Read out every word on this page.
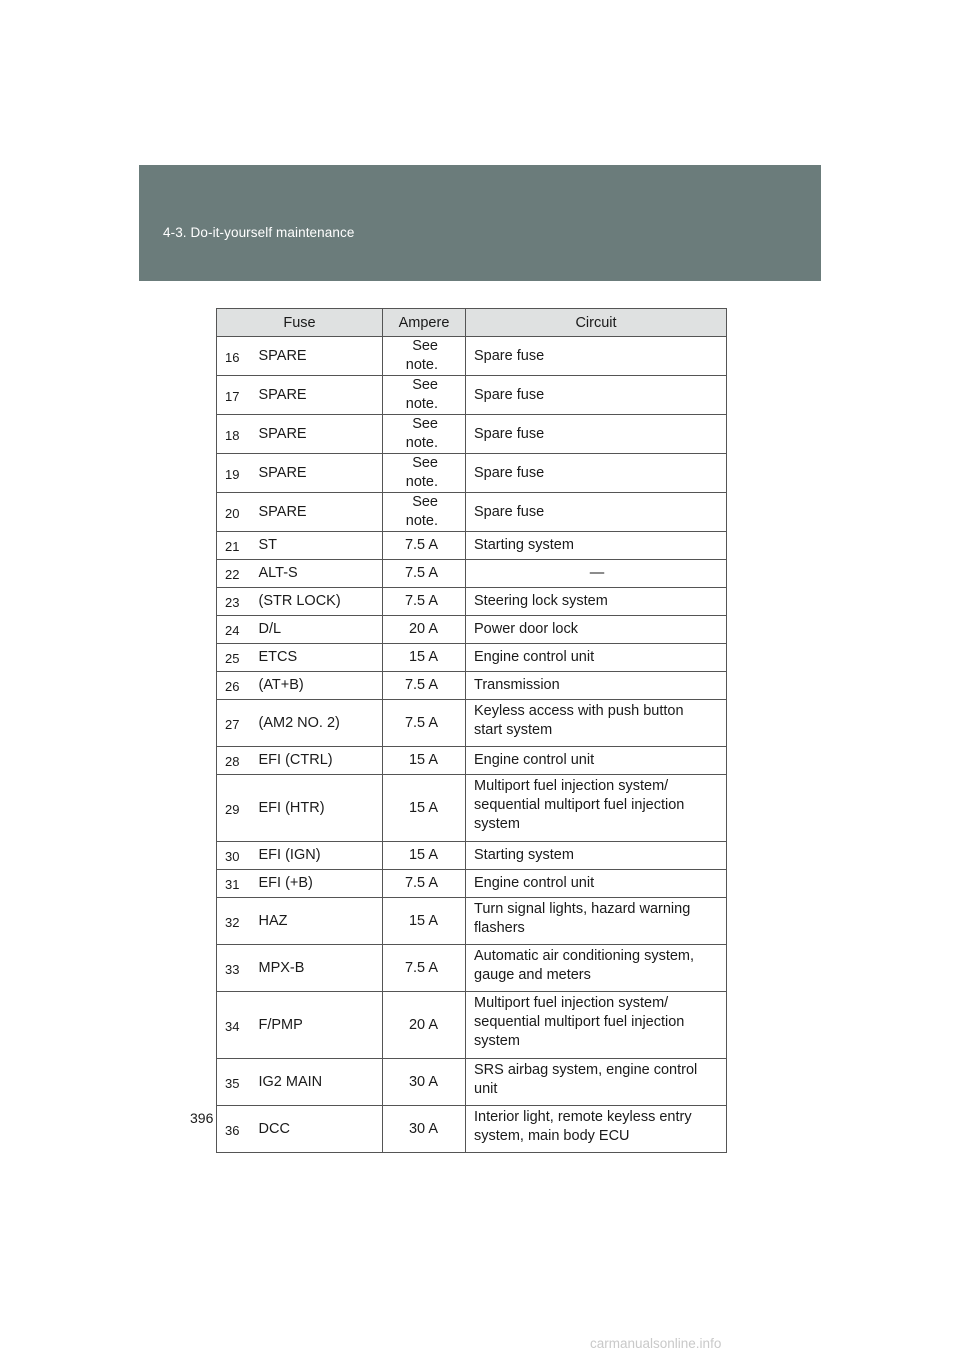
4-3. Do-it-yourself maintenance
Fuse		Ampere	Circuit
16	SPARE	See note.	Spare fuse

17	SPARE	See note.	Spare fuse

18	SPARE	See note.	Spare fuse

19	SPARE	See note.	Spare fuse

20	SPARE	See note.	Spare fuse

21	ST	7.5 A	Starting system

22	ALT-S	7.5 A	—

23	(STR LOCK)	7.5 A	Steering lock system

24	D/L	20 A	Power door lock

25	ETCS	15 A	Engine control unit

26	(AT+B)	7.5 A	Transmission

27	(AM2 NO. 2)	7.5 A	Keyless access with push button
start system

28	EFI (CTRL)	15 A	Engine control unit

29	EFI (HTR)	15 A	Multiport fuel injection system/
sequential multiport fuel injection
system

30	EFI (IGN)	15 A	Starting system

31	EFI (+B)	7.5 A	Engine control unit

32	HAZ	15 A	Turn signal lights, hazard warning
flashers

33	MPX-B	7.5 A	Automatic air conditioning system,
gauge and meters

34	F/PMP	20 A	Multiport fuel injection system/
sequential multiport fuel injection
system

35	IG2 MAIN	30 A	SRS airbag system, engine control
unit

36	DCC	30 A	Interior light, remote keyless entry
system, main body ECU
396
carmanualsonline.info
